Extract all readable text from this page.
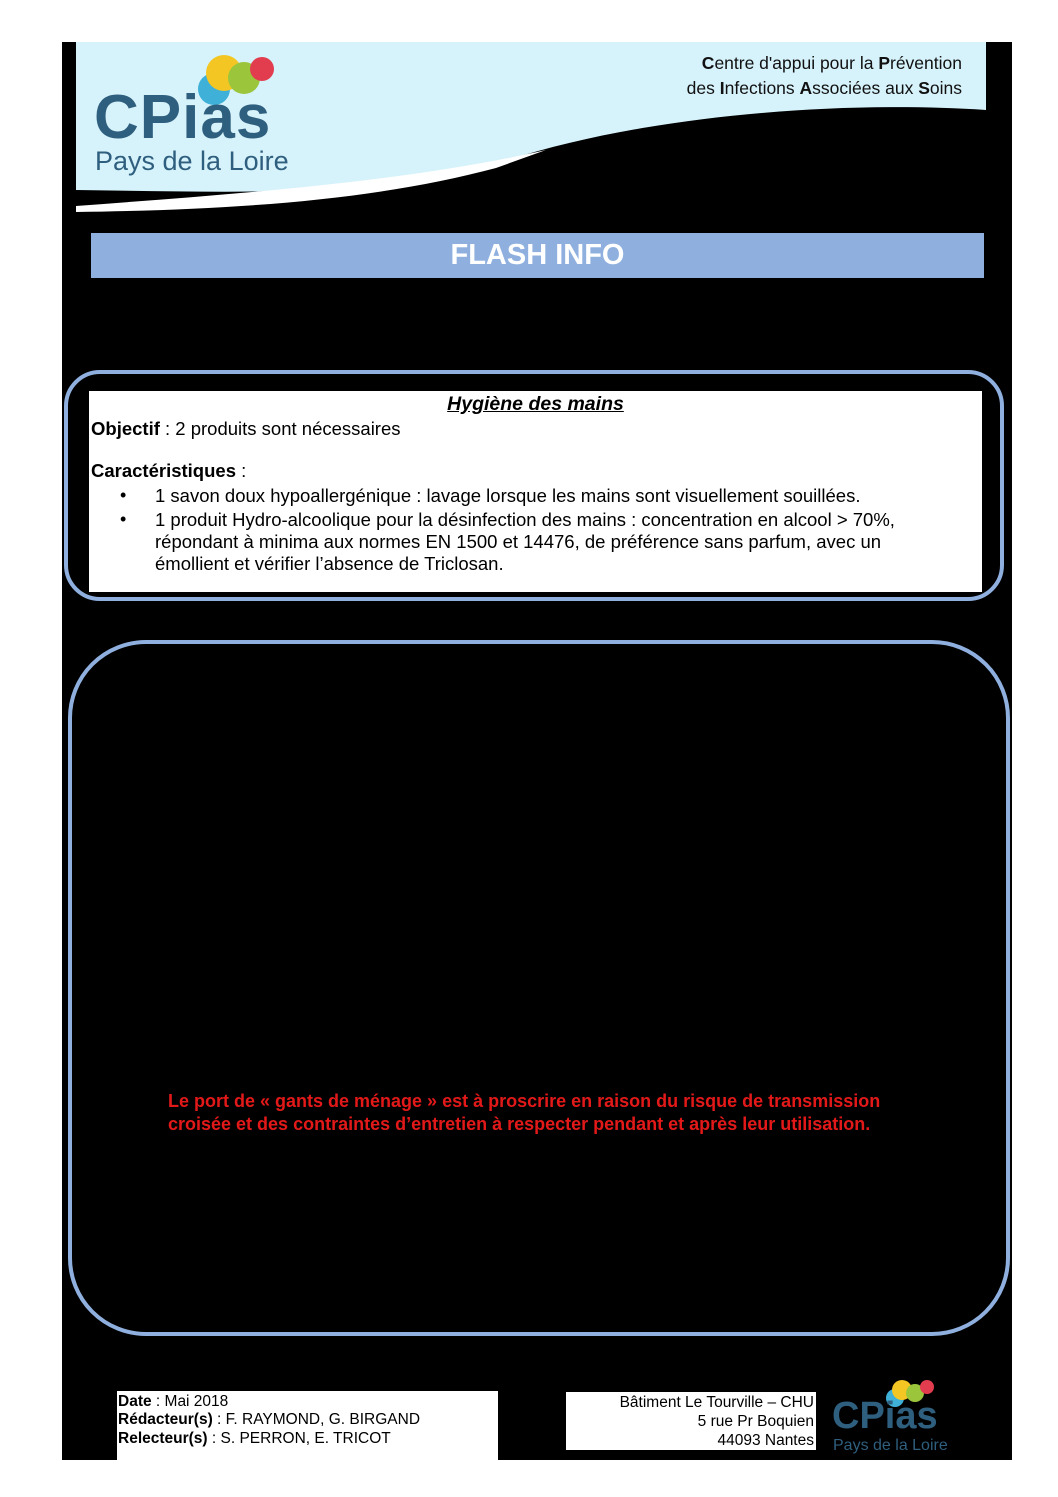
CPias
Pays de la Loire
Centre d'appui pour la Prévention
des Infections Associées aux Soins
FLASH INFO
Hygiène des mains
Objectif : 2 produits sont nécessaires
Caractéristiques :
• 1 savon doux hypoallergénique : lavage lorsque les mains sont visuellement souillées.
• 1 produit Hydro-alcoolique pour la désinfection des mains : concentration en alcool > 70%,
répondant à minima aux normes EN 1500 et 14476, de préférence sans parfum, avec un
émollient et vérifier l’absence de Triclosan.
Le port de « gants de ménage » est à proscrire en raison du risque de transmission
croisée et des contraintes d’entretien à respecter pendant et après leur utilisation.
Date : Mai 2018
Rédacteur(s) : F. RAYMOND, G. BIRGAND
Relecteur(s) : S. PERRON, E. TRICOT
Bâtiment Le Tourville – CHU
5 rue Pr Boquien
44093 Nantes
CPias
Pays de la Loire
